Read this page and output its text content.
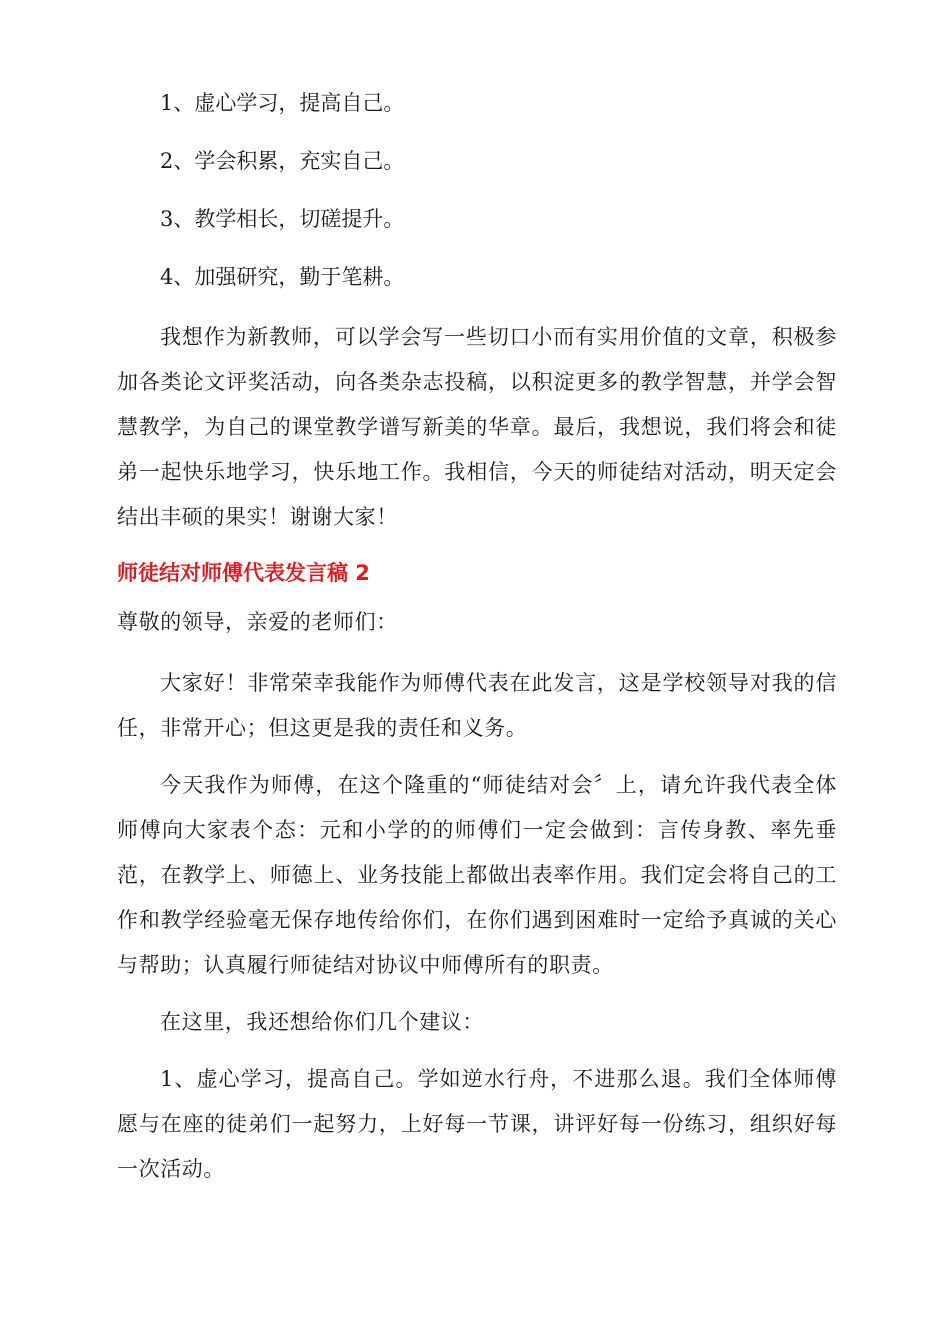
1、虚心学习，提高自己。

2、学会积累，充实自己。

3、教学相长，切磋提升。

4、加强研究，勤于笔耕。

我想作为新教师，可以学会写一些切口小而有实用价值的文章，积极参加各类论文评奖活动，向各类杂志投稿，以积淀更多的教学智慧，并学会智慧教学，为自己的课堂教学谱写新美的华章。最后，我想说，我们将会和徒弟一起快乐地学习，快乐地工作。我相信，今天的师徒结对活动，明天定会结出丰硕的果实！谢谢大家！

师徒结对师傅代表发言稿 2

尊敬的领导，亲爱的老师们：

大家好！非常荣幸我能作为师傅代表在此发言，这是学校领导对我的信任，非常开心；但这更是我的责任和义务。

今天我作为师傅，在这个隆重的“师徒结对会〞上，请允许我代表全体师傅向大家表个态：元和小学的的师傅们一定会做到：言传身教、率先垂范，在教学上、师德上、业务技能上都做出表率作用。我们定会将自己的工作和教学经验毫无保存地传给你们，在你们遇到困难时一定给予真诚的关心与帮助；认真履行师徒结对协议中师傅所有的职责。

在这里，我还想给你们几个建议：

1、虚心学习，提高自己。学如逆水行舟，不进那么退。我们全体师傅愿与在座的徒弟们一起努力，上好每一节课，讲评好每一份练习，组织好每一次活动。
